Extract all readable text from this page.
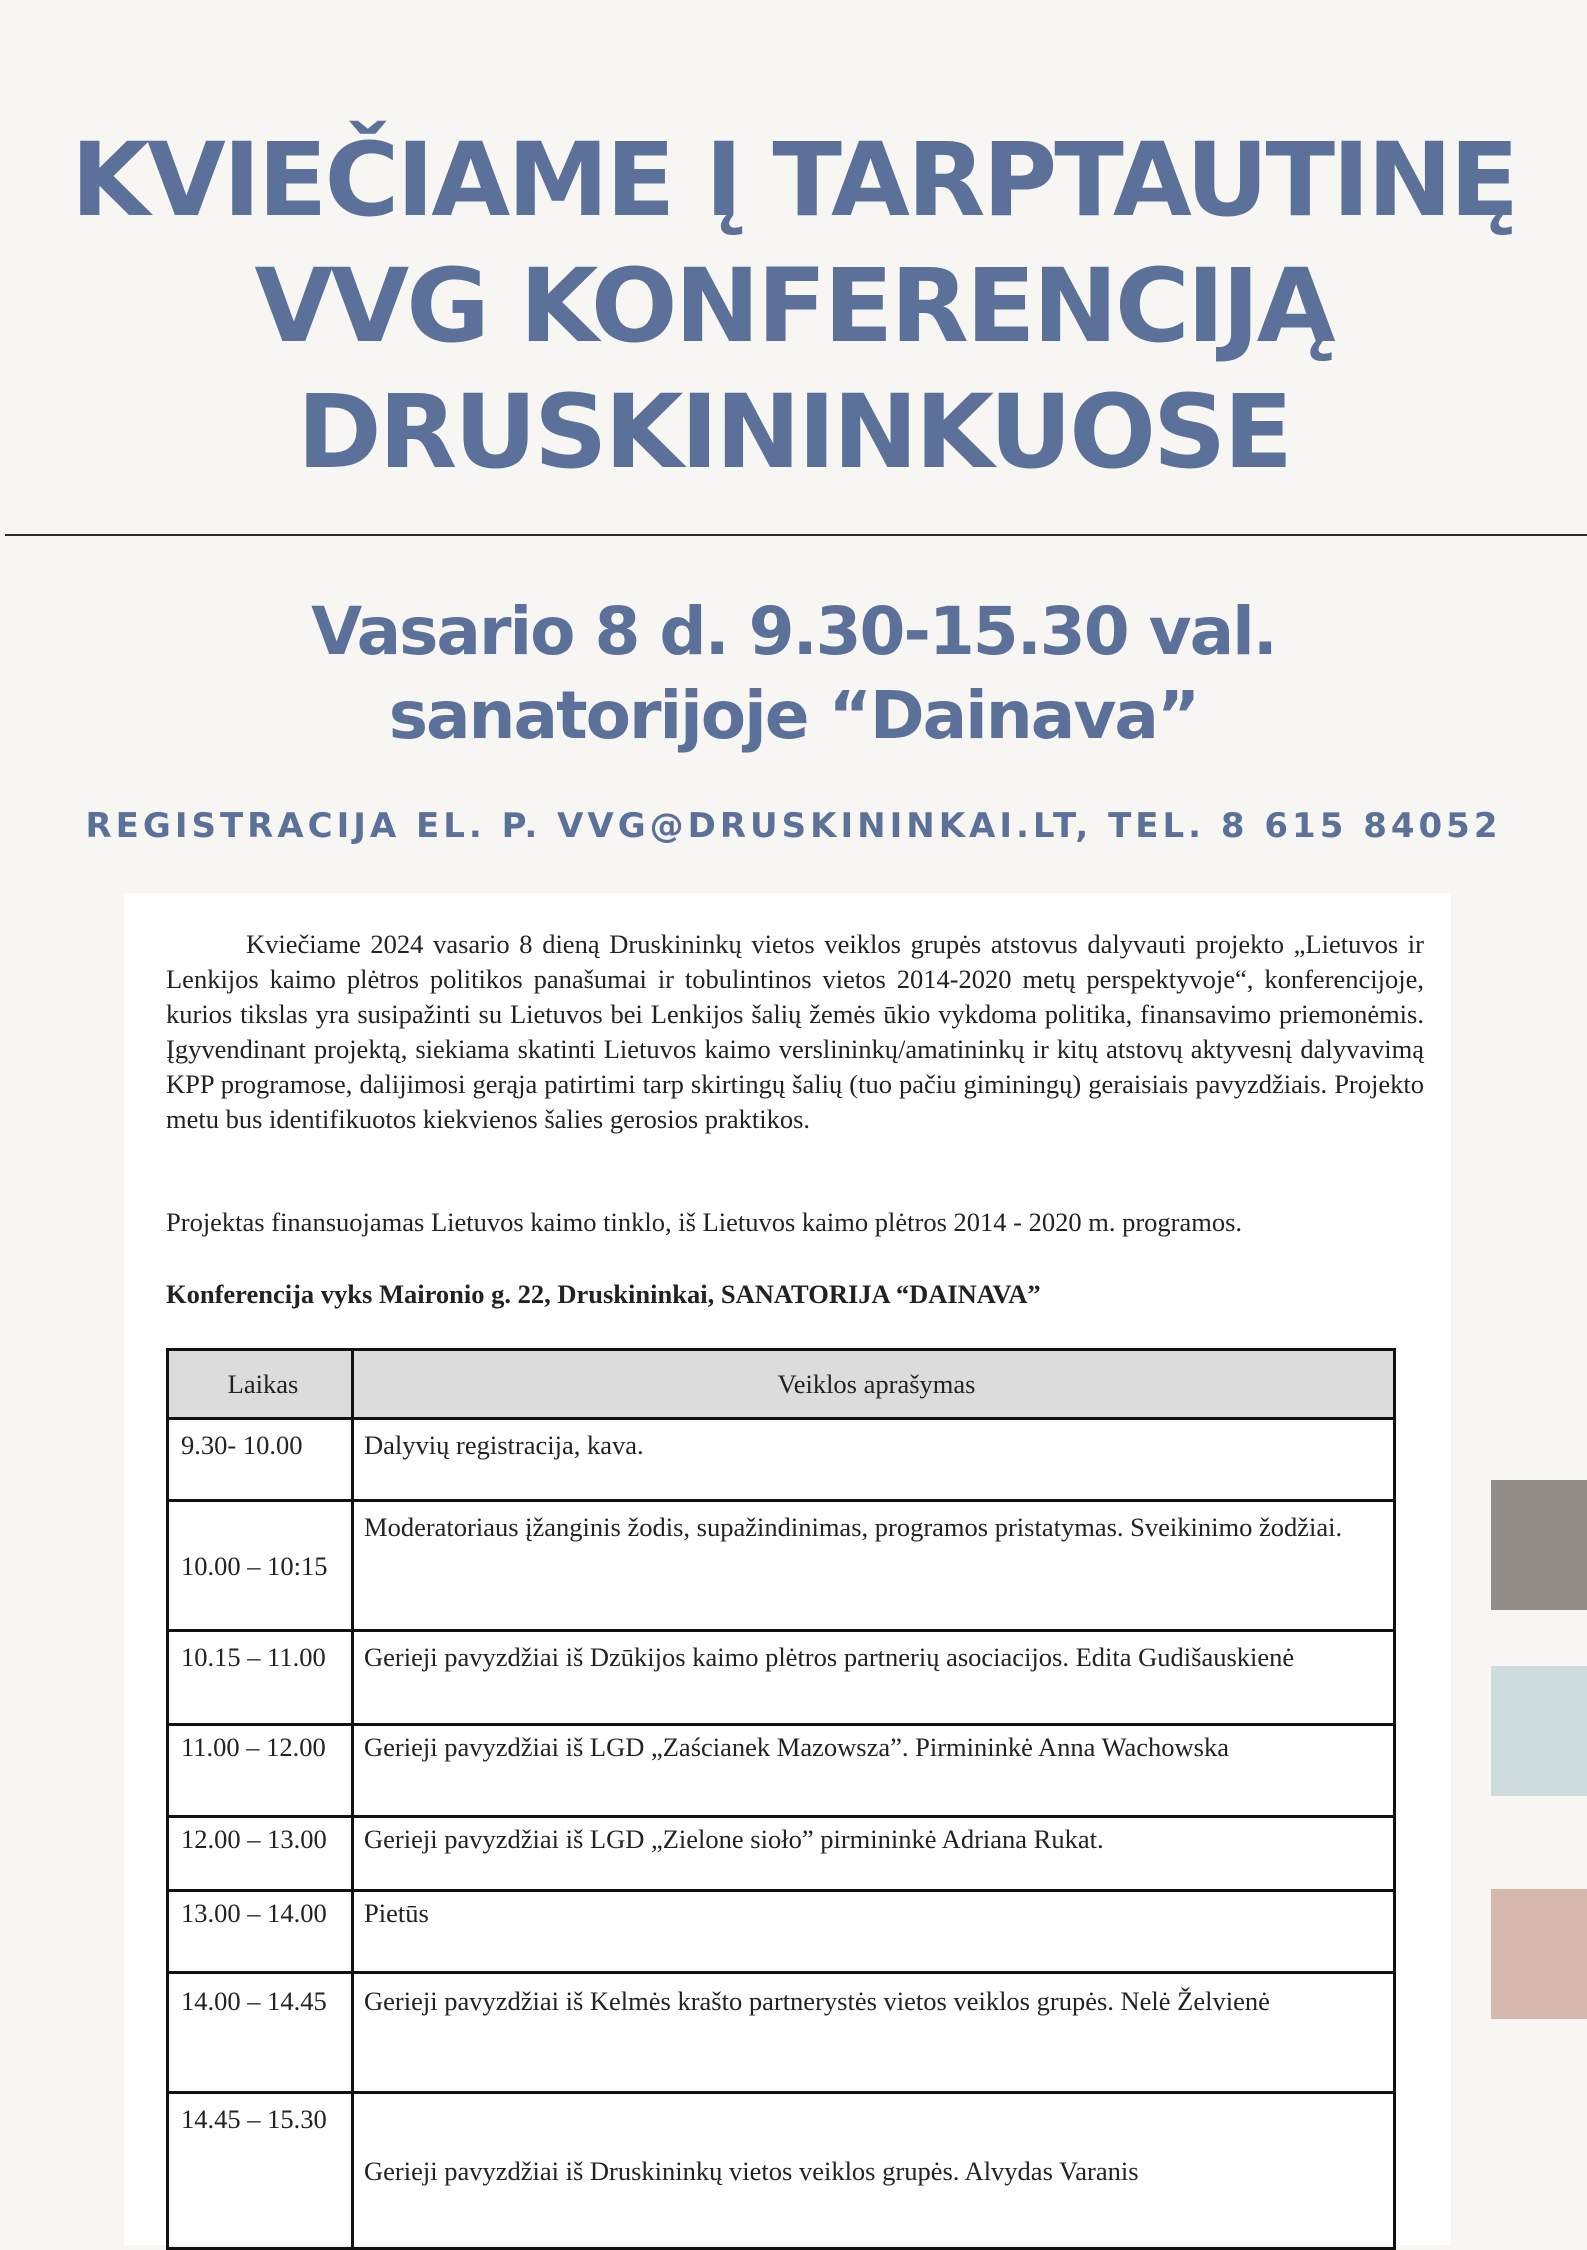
KVIEČIAME Į TARPTAUTINĘ
VVG KONFERENCIJĄ
DRUSKININKUOSE
Vasario 8 d. 9.30-15.30 val.
sanatorijoje “Dainava”
REGISTRACIJA EL. P. VVG@DRUSKININKAI.LT, TEL. 8 615 84052

Kviečiame 2024 vasario 8 dieną Druskininkų vietos veiklos grupės atstovus dalyvauti projekto „Lietuvos ir Lenkijos kaimo plėtros politikos panašumai ir tobulintinos vietos 2014-2020 metų perspektyvoje“, konferencijoje, kurios tikslas yra susipažinti su Lietuvos bei Lenkijos šalių žemės ūkio vykdoma politika, finansavimo priemonėmis. Įgyvendinant projektą, siekiama skatinti Lietuvos kaimo verslininkų/amatininkų ir kitų atstovų aktyvesnį dalyvavimą KPP programose, dalijimosi gerąja patirtimi tarp skirtingų šalių (tuo pačiu giminingų) geraisiais pavyzdžiais. Projekto metu bus identifikuotos kiekvienos šalies gerosios praktikos.

Projektas finansuojamas Lietuvos kaimo tinklo, iš Lietuvos kaimo plėtros 2014 - 2020 m. programos.

Konferencija vyks Maironio g. 22, Druskininkai, SANATORIJA “DAINAVA”

Laikas	Veiklos aprašymas
9.30- 10.00	Dalyvių registracija, kava.
10.00 – 10:15	Moderatoriaus įžanginis žodis, supažindinimas, programos pristatymas. Sveikinimo žodžiai.
10.15 – 11.00	Gerieji pavyzdžiai iš Dzūkijos kaimo plėtros partnerių asociacijos. Edita Gudišauskienė
11.00 – 12.00	Gerieji pavyzdžiai iš LGD „Zaścianek Mazowsza”. Pirmininkė Anna Wachowska
12.00 – 13.00	Gerieji pavyzdžiai iš LGD „Zielone sioło” pirmininkė Adriana Rukat.
13.00 – 14.00	Pietūs
14.00 – 14.45	Gerieji pavyzdžiai iš Kelmės krašto partnerystės vietos veiklos grupės. Nelė Želvienė
14.45 – 15.30	Gerieji pavyzdžiai iš Druskininkų vietos veiklos grupės. Alvydas Varanis
